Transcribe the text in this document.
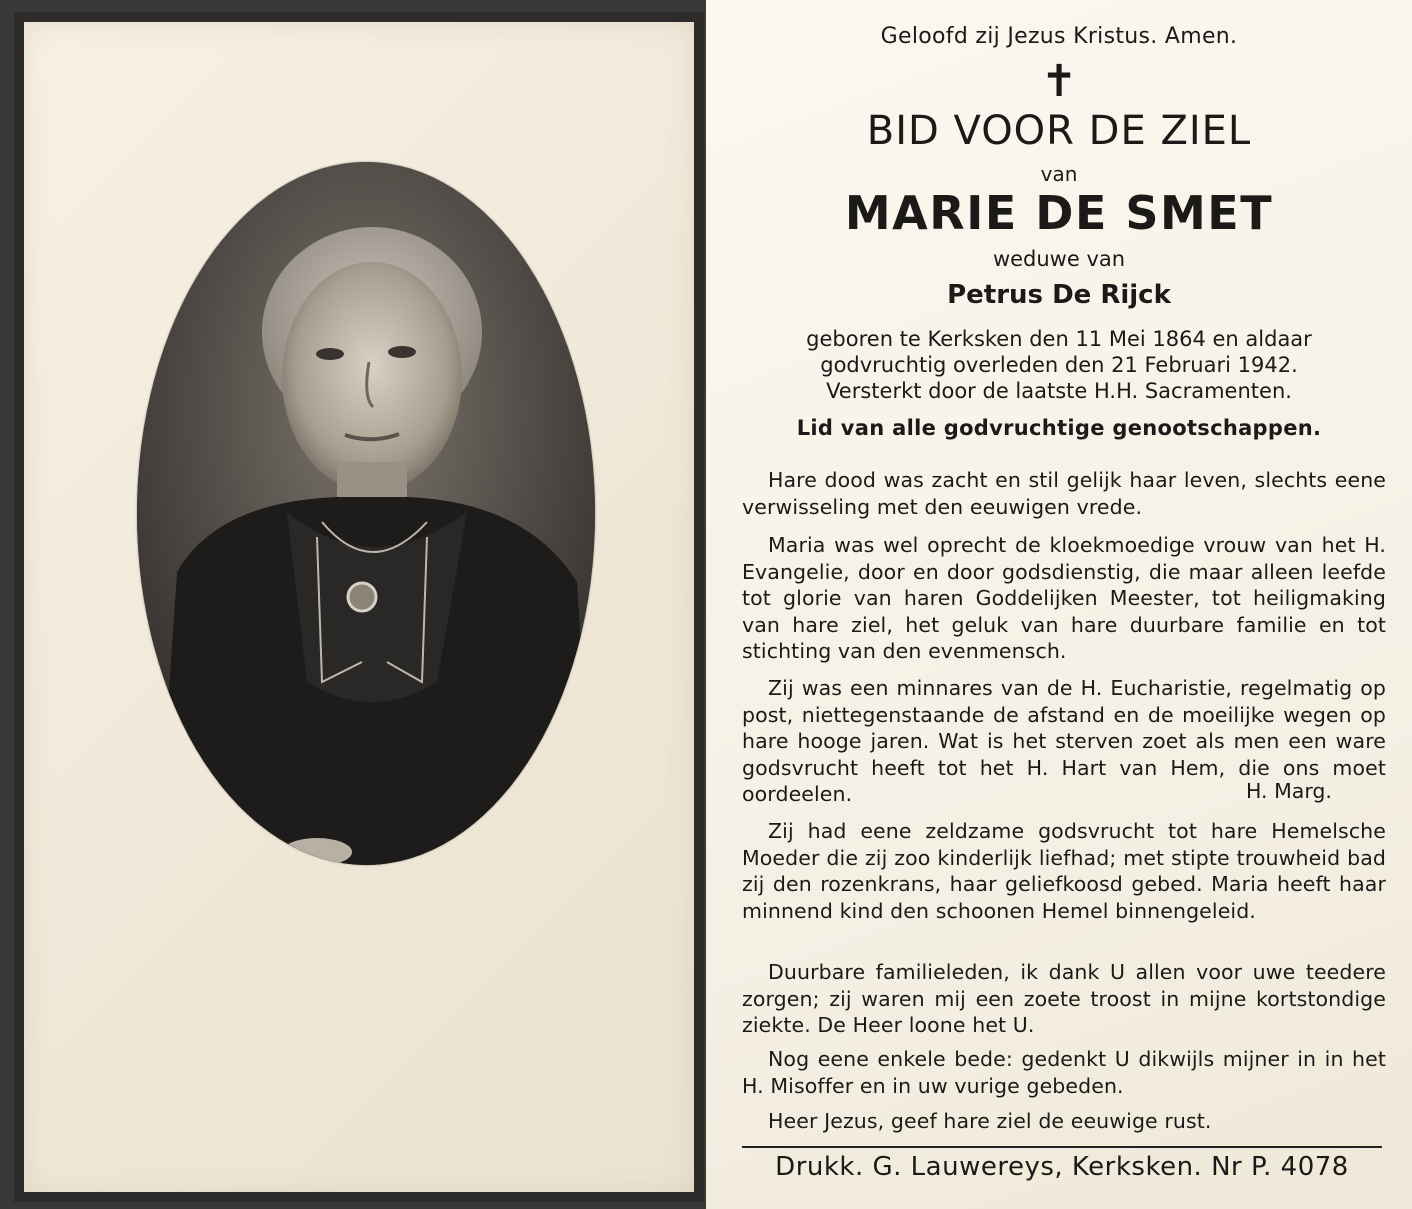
Geloofd zij Jezus Kristus. Amen.
✝
BID VOOR DE ZIEL
van
MARIE DE SMET
weduwe van
Petrus De Rijck
geboren te Kerksken den 11 Mei 1864 en aldaar
godvruchtig overleden den 21 Februari 1942.
Versterkt door de laatste H.H. Sacramenten.
Lid van alle godvruchtige genootschappen.
Hare dood was zacht en stil gelijk haar leven, slechts eene verwisseling met den eeuwigen vrede.
Maria was wel oprecht de kloekmoedige vrouw van het H. Evangelie, door en door godsdienstig, die maar alleen leefde tot glorie van haren Goddelijken Meester, tot heiligmaking van hare ziel, het geluk van hare duurbare familie en tot stichting van den evenmensch.
Zij was een minnares van de H. Eucharistie, regelmatig op post, niettegenstaande de afstand en de moeilijke wegen op hare hooge jaren. Wat is het sterven zoet als men een ware godsvrucht heeft tot het H. Hart van Hem, die ons moet oordeelen.	H. Marg.
Zij had eene zeldzame godsvrucht tot hare Hemelsche Moeder die zij zoo kinderlijk liefhad; met stipte trouwheid bad zij den rozenkrans, haar geliefkoosd gebed. Maria heeft haar minnend kind den schoonen Hemel binnengeleid.
Duurbare familieleden, ik dank U allen voor uwe teedere zorgen; zij waren mij een zoete troost in mijne kortstondige ziekte. De Heer loone het U.
Nog eene enkele bede: gedenkt U dikwijls mijner in in het H. Misoffer en in uw vurige gebeden.
Heer Jezus, geef hare ziel de eeuwige rust.
Drukk. G. Lauwereys, Kerksken. Nr P. 4078
